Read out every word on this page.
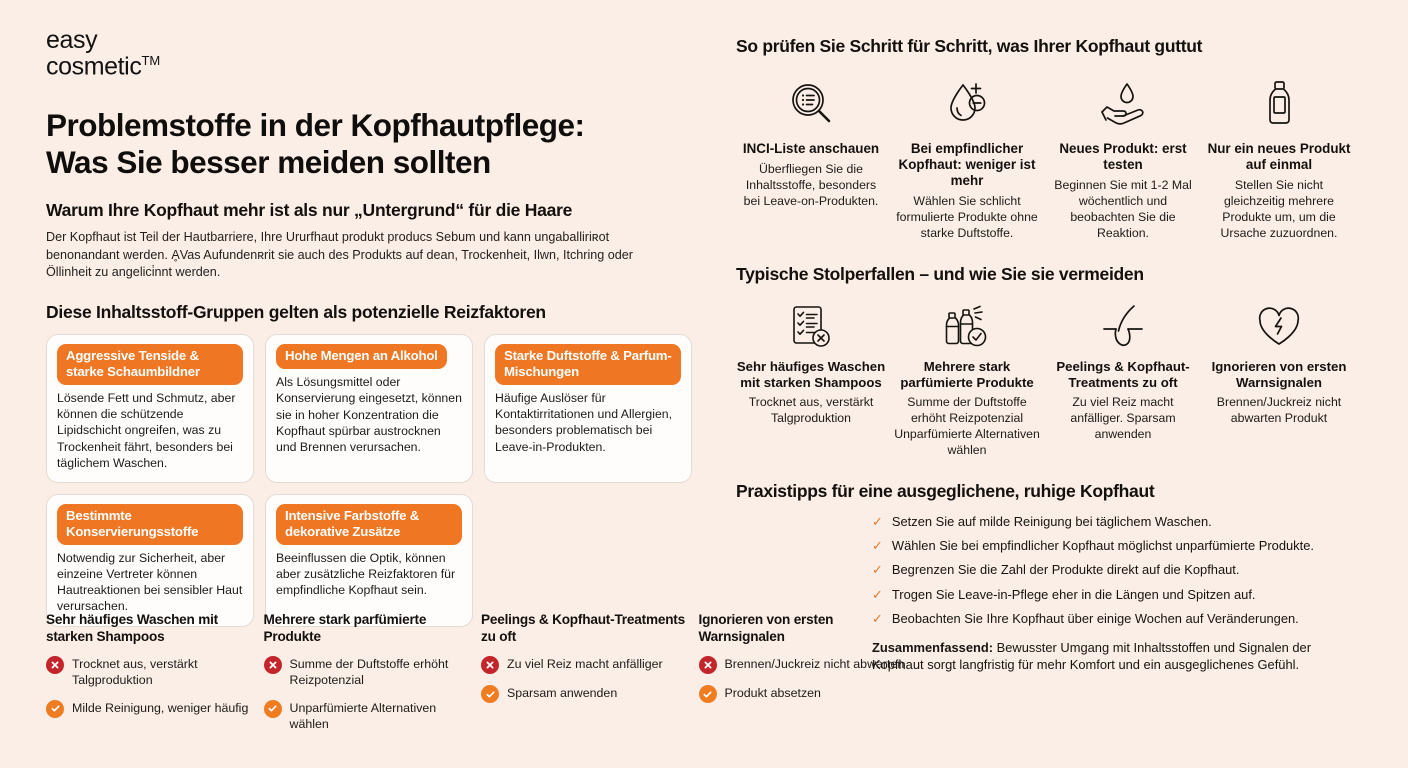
easy
cosmetic™
Problemstoffe in der Kopfhautpflege:
Was Sie besser meiden sollten
Warum Ihre Kopfhaut mehr ist als nur „Untergrund“ für die Haare
Der Kopfhaut ist Teil der Hautbarriere, Ihre Ururfhaut produkt producs Sebum und kann ungaballiriʀot benonandant werden. ḀVas Aufundenʀrit sie auch des Produkts auf dean, Trockenheit, Ilwn, Itchring oder Öllinheit zu angelici̇nnt werden.
Diese Inhaltsstoff-Gruppen gelten als potenzielle Reizfaktoren
Aggressive Tenside & starke Schaumbildner
Lösende Fett und Schmutz, aber können die schützende Lipidschicht ongreifen, was zu Trockenheit fährt, besonders bei täglichem Waschen.
Hohe Mengen an Alkohol
Als Lösungsmittel oder Konservierung eingesetzt, können sie in hoher Konzentration die Kopfhaut spürbar austrocknen und Brennen verursachen.
Starke Duftstoffe & Parfum-Mischungen
Häufige Auslöser für Kontaktirritationen und Allergien, besonders problematisch bei Leave-in-Produkten.
Bestimmte Konservierungsstoffe
Notwendig zur Sicherheit, aber einzeine Vertreter können Hautreaktionen bei sensibler Haut verursachen.
Intensive Farbstoffe & dekorative Zusätze
Beeinflussen die Optik, können aber zusätzliche Reizfaktoren für empfindliche Kopfhaut sein.
Sehr häufiges Waschen mit starken Shampoos
Trocknet aus, verstärkt Talgproduktion
Milde Reinigung, weniger häufig
Mehrere stark parfümierte Produkte
Summe der Duftstoffe erhöht Reizpotenzial
Unparfümierte Alternativen wählen
Peelings & Kopfhaut-Treatments zu oft
Zu viel Reiz macht anfälliger
Sparsam anwenden
Ignorieren von ersten Warnsignalen
Brennen/Juckreiz nicht abwarten
Produkt absetzen
So prüfen Sie Schritt für Schritt, was Ihrer Kopfhaut guttut
INCI-Liste anschauen
Überfliegen Sie die Inhaltsstoffe, besonders bei Leave-on-Produkten.
Bei empfindlicher Kopfhaut: weniger ist mehr
Wählen Sie schlicht formulierte Produkte ohne starke Duftstoffe.
Neues Produkt: erst testen
Beginnen Sie mit 1-2 Mal wöchentlich und beobachten Sie die Reaktion.
Nur ein neues Produkt auf einmal
Stellen Sie nicht gleichzeitig mehrere Produkte um, um die Ursache zuzuordnen.
Typische Stolperfallen – und wie Sie sie vermeiden
Sehr häufiges Waschen mit starken Shampoos
Trocknet aus, verstärkt Talgproduktion
Mehrere stark parfümierte Produkte
Summe der Duftstoffe erhöht Reizpotenzial Unparfümierte Alternativen wählen
Peelings & Kopfhaut-Treatments zu oft
Zu viel Reiz macht anfälliger. Sparsam anwenden
Ignorieren von ersten Warnsignalen
Brennen/Juckreiz nicht abwarten Produkt
Praxistipps für eine ausgeglichene, ruhige Kopfhaut
✓ Setzen Sie auf milde Reinigung bei täglichem Waschen.
✓ Wählen Sie bei empfindlicher Kopfhaut möglichst unparfümierte Produkte.
✓ Begrenzen Sie die Zahl der Produkte direkt auf die Kopfhaut.
✓ Trogen Sie Leave-in-Pflege eher in die Längen und Spitzen auf.
✓ Beobachten Sie Ihre Kopfhaut über einige Wochen auf Veränderungen.
Zusammenfassend: Bewusster Umgang mit Inhaltsstoffen und Signalen der Kopfhaut sorgt langfristig für mehr Komfort und ein ausgeglichenes Gefühl.
